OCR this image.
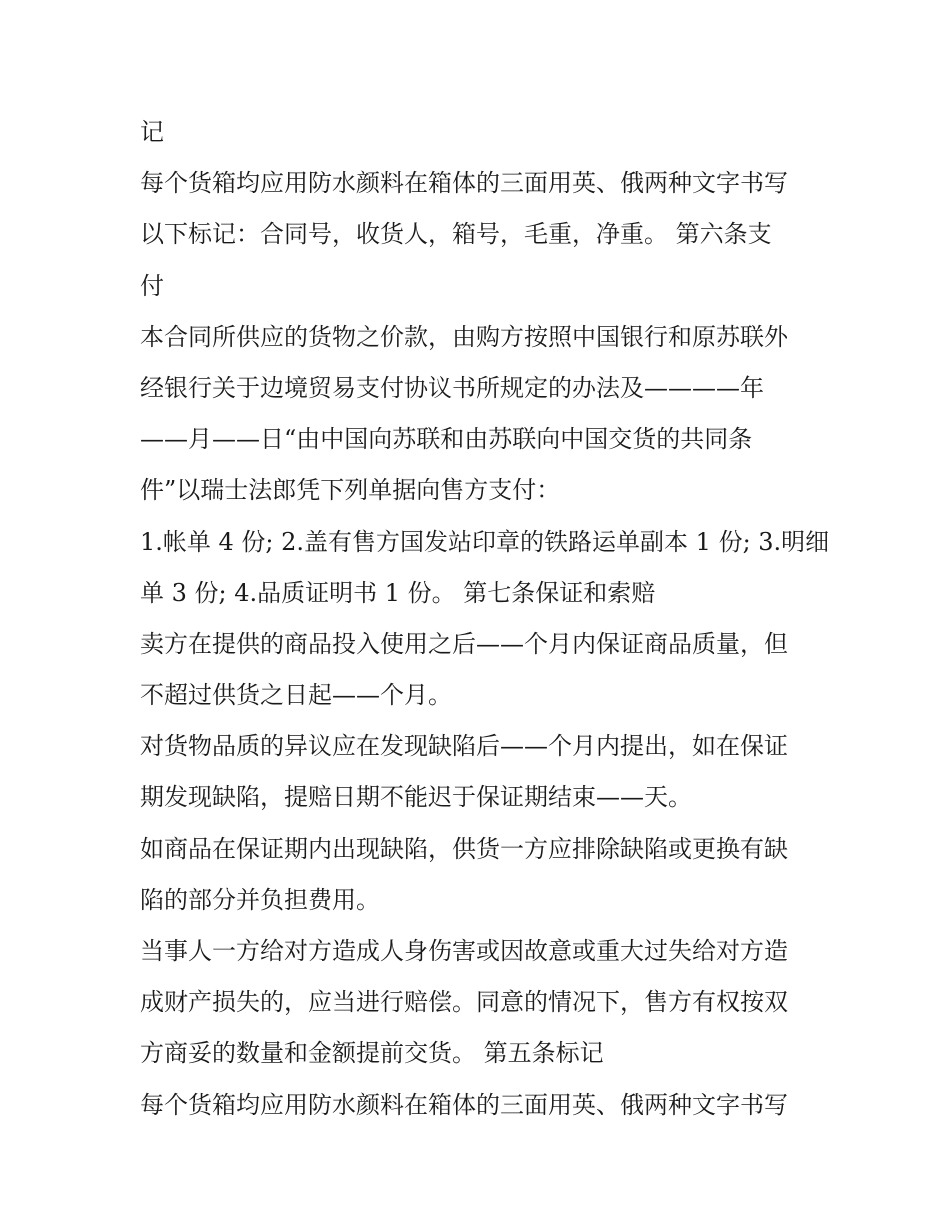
记
每个货箱均应用防水颜料在箱体的三面用英、俄两种文字书写
以下标记：合同号，收货人，箱号，毛重，净重。 第六条支
付
本合同所供应的货物之价款，由购方按照中国银行和原苏联外
经银行关于边境贸易支付协议书所规定的办法及————年
——月——日“由中国向苏联和由苏联向中国交货的共同条
件”以瑞士法郎凭下列单据向售方支付：
1.帐单 4 份; 2.盖有售方国发站印章的铁路运单副本 1 份; 3.明细
单 3 份; 4.品质证明书 1 份。 第七条保证和索赔
卖方在提供的商品投入使用之后——个月内保证商品质量，但
不超过供货之日起——个月。
对货物品质的异议应在发现缺陷后——个月内提出，如在保证
期发现缺陷，提赔日期不能迟于保证期结束——天。
如商品在保证期内出现缺陷，供货一方应排除缺陷或更换有缺
陷的部分并负担费用。
当事人一方给对方造成人身伤害或因故意或重大过失给对方造
成财产损失的，应当进行赔偿。同意的情况下，售方有权按双
方商妥的数量和金额提前交货。 第五条标记
每个货箱均应用防水颜料在箱体的三面用英、俄两种文字书写
